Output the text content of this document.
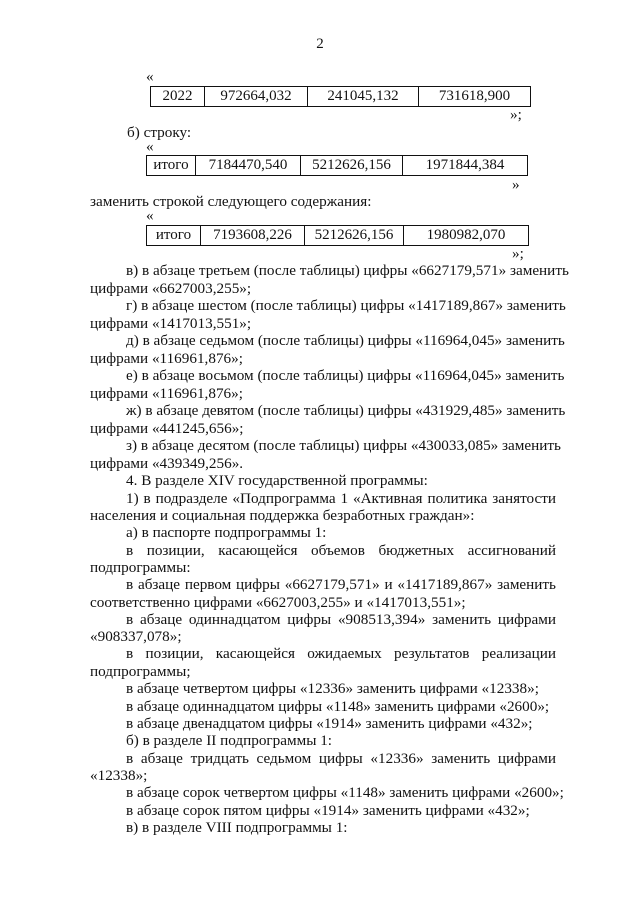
2
«
2022	972664,032	241045,132	731618,900
»;
б) строку:
«
итого	7184470,540	5212626,156	1971844,384
»
заменить строкой следующего содержания:
«
итого	7193608,226	5212626,156	1980982,070
»;
в) в абзаце третьем (после таблицы) цифры «6627179,571» заменить
цифрами «6627003,255»;
г) в абзаце шестом (после таблицы) цифры «1417189,867» заменить
цифрами «1417013,551»;
д) в абзаце седьмом (после таблицы) цифры «116964,045» заменить
цифрами «116961,876»;
е) в абзаце восьмом (после таблицы) цифры «116964,045» заменить
цифрами «116961,876»;
ж) в абзаце девятом (после таблицы) цифры «431929,485» заменить
цифрами «441245,656»;
з) в абзаце десятом (после таблицы) цифры «430033,085» заменить
цифрами «439349,256».
4. В разделе XIV государственной программы:
1) в подразделе «Подпрограмма 1 «Активная политика занятости
населения и социальная поддержка безработных граждан»:
а) в паспорте подпрограммы 1:
в позиции, касающейся объемов бюджетных ассигнований
подпрограммы:
в абзаце первом цифры «6627179,571» и «1417189,867» заменить
соответственно цифрами «6627003,255» и «1417013,551»;
в абзаце одиннадцатом цифры «908513,394» заменить цифрами
«908337,078»;
в позиции, касающейся ожидаемых результатов реализации
подпрограммы;
в абзаце четвертом цифры «12336» заменить цифрами «12338»;
в абзаце одиннадцатом цифры «1148» заменить цифрами «2600»;
в абзаце двенадцатом цифры «1914» заменить цифрами «432»;
б) в разделе II подпрограммы 1:
в абзаце тридцать седьмом цифры «12336» заменить цифрами
«12338»;
в абзаце сорок четвертом цифры «1148» заменить цифрами «2600»;
в абзаце сорок пятом цифры «1914» заменить цифрами «432»;
в) в разделе VIII подпрограммы 1:
